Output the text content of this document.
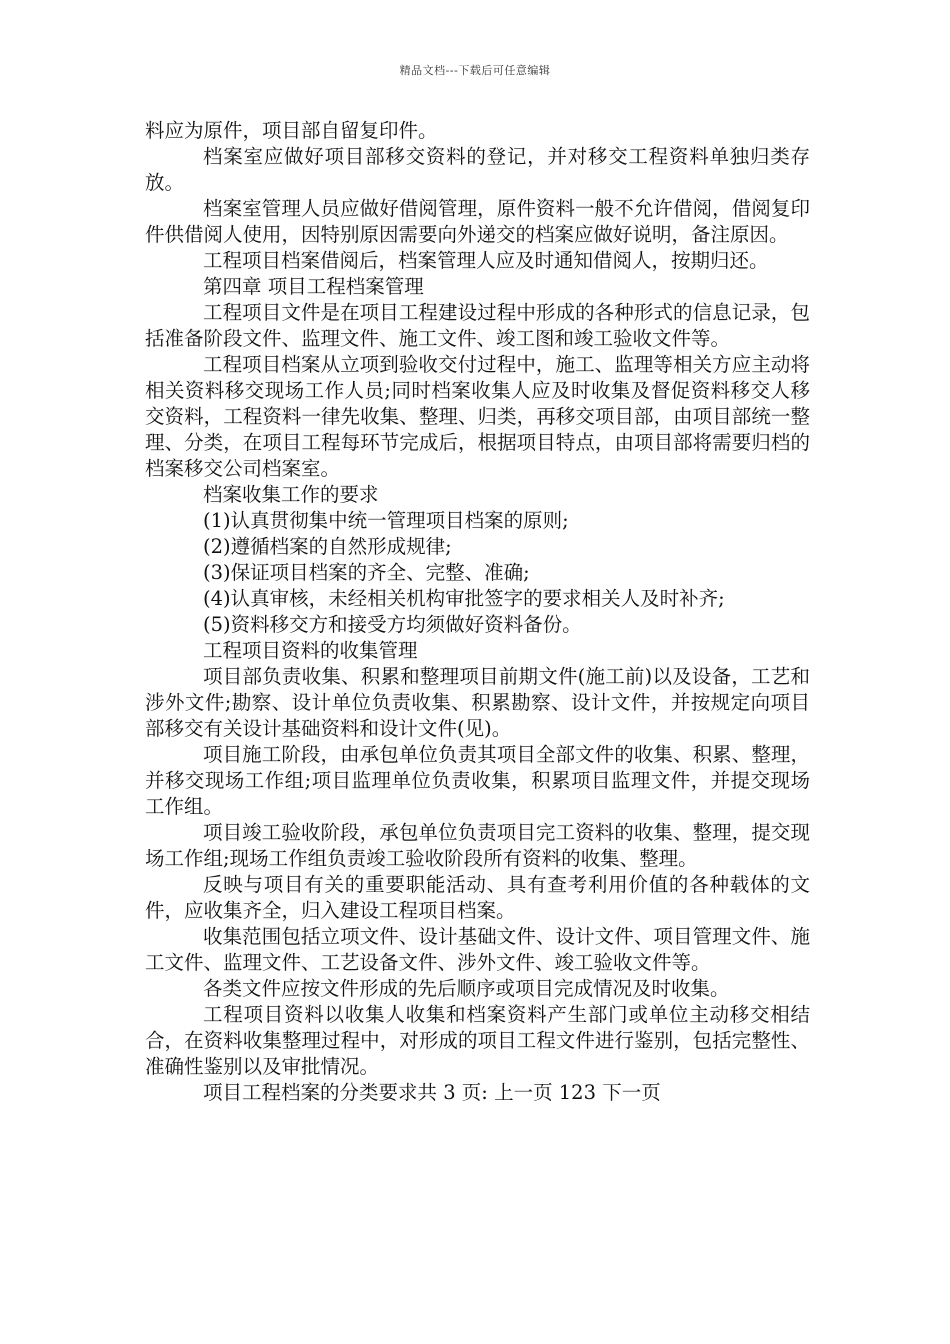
精品文档---下载后可任意编辑

料应为原件，项目部自留复印件。

档案室应做好项目部移交资料的登记，并对移交工程资料单独归类存放。

档案室管理人员应做好借阅管理，原件资料一般不允许借阅，借阅复印件供借阅人使用，因特别原因需要向外递交的档案应做好说明，备注原因。

工程项目档案借阅后，档案管理人应及时通知借阅人，按期归还。

第四章 项目工程档案管理

工程项目文件是在项目工程建设过程中形成的各种形式的信息记录，包括准备阶段文件、监理文件、施工文件、竣工图和竣工验收文件等。

工程项目档案从立项到验收交付过程中，施工、监理等相关方应主动将相关资料移交现场工作人员;同时档案收集人应及时收集及督促资料移交人移交资料，工程资料一律先收集、整理、归类，再移交项目部，由项目部统一整理、分类，在项目工程每环节完成后，根据项目特点，由项目部将需要归档的档案移交公司档案室。

档案收集工作的要求

(1)认真贯彻集中统一管理项目档案的原则;

(2)遵循档案的自然形成规律;

(3)保证项目档案的齐全、完整、准确;

(4)认真审核，未经相关机构审批签字的要求相关人及时补齐;

(5)资料移交方和接受方均须做好资料备份。

工程项目资料的收集管理

项目部负责收集、积累和整理项目前期文件(施工前)以及设备，工艺和涉外文件;勘察、设计单位负责收集、积累勘察、设计文件，并按规定向项目部移交有关设计基础资料和设计文件(见)。

项目施工阶段，由承包单位负责其项目全部文件的收集、积累、整理，并移交现场工作组;项目监理单位负责收集，积累项目监理文件，并提交现场工作组。

项目竣工验收阶段，承包单位负责项目完工资料的收集、整理，提交现场工作组;现场工作组负责竣工验收阶段所有资料的收集、整理。

反映与项目有关的重要职能活动、具有查考利用价值的各种载体的文件，应收集齐全，归入建设工程项目档案。

收集范围包括立项文件、设计基础文件、设计文件、项目管理文件、施工文件、监理文件、工艺设备文件、涉外文件、竣工验收文件等。

各类文件应按文件形成的先后顺序或项目完成情况及时收集。

工程项目资料以收集人收集和档案资料产生部门或单位主动移交相结合，在资料收集整理过程中，对形成的项目工程文件进行鉴别，包括完整性、准确性鉴别以及审批情况。

项目工程档案的分类要求共 3 页: 上一页 123 下一页
